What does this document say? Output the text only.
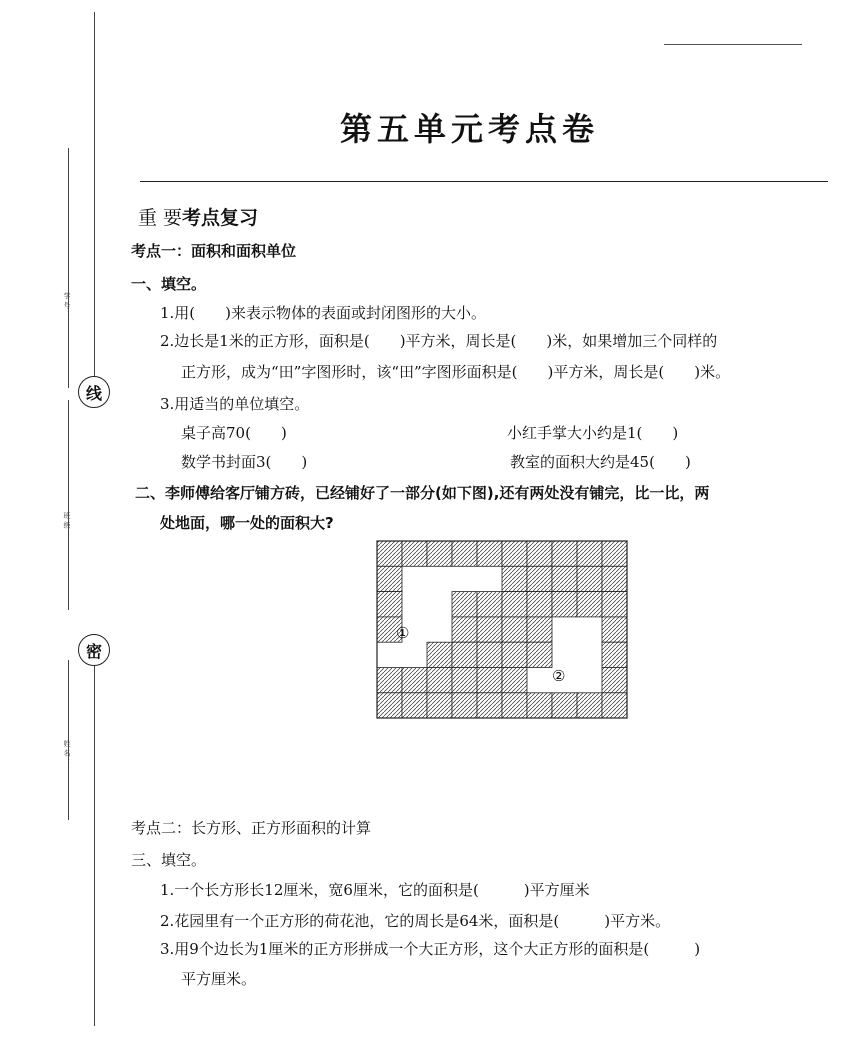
学 号 ：
班 级 ：
姓 名 ：
线
密
第五单元考点卷
重 要考点复习
考点一：面积和面积单位
一、填空。
1.用(　　)来表示物体的表面或封闭图形的大小。
2.边长是1米的正方形，面积是(　　)平方米，周长是(　　)米，如果增加三个同样的
正方形，成为“田”字图形时，该“田”字图形面积是(　　)平方米，周长是(　　)米。
3.用适当的单位填空。
桌子高70(　　)	小红手掌大小约是1(　　)
数学书封面3(　　)	教室的面积大约是45(　　)
二、李师傅给客厅铺方砖，已经铺好了一部分(如下图),还有两处没有铺完，比一比，两
处地面，哪一处的面积大?
①
②
考点二：长方形、正方形面积的计算
三、填空。
1.一个长方形长12厘米，宽6厘米，它的面积是(　　　)平方厘米
2.花园里有一个正方形的荷花池，它的周长是64米，面积是(　　　)平方米。
3.用9个边长为1厘米的正方形拼成一个大正方形，这个大正方形的面积是(　　　)
平方厘米。
